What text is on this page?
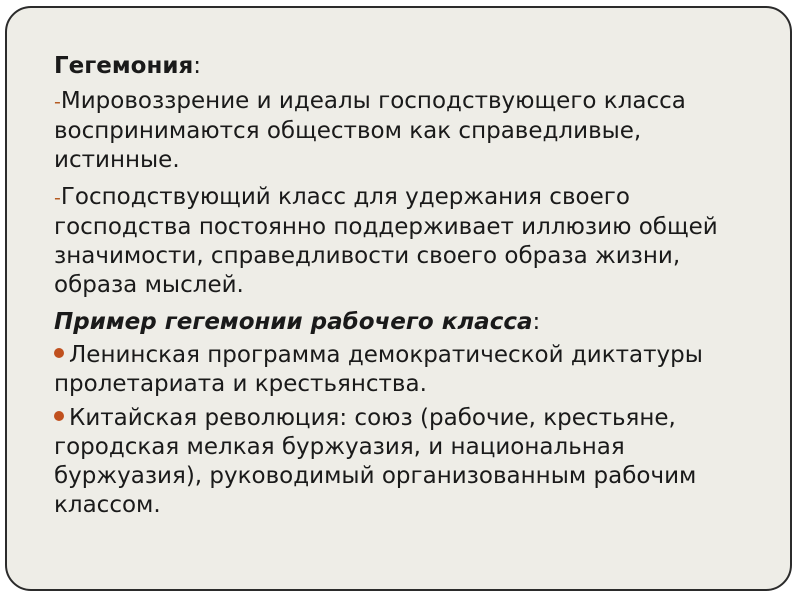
Гегемония:

-Мировоззрение и идеалы господствующего класса воспринимаются обществом как справедливые, истинные.

-Господствующий класс для удержания своего господства постоянно поддерживает иллюзию общей значимости, справедливости своего образа жизни, образа мыслей.

Пример гегемонии рабочего класса:

Ленинская программа демократической диктатуры пролетариата и крестьянства.

Китайская революция: союз (рабочие, крестьяне, городская мелкая буржуазия, и национальная буржуазия), руководимый организованным рабочим классом.
